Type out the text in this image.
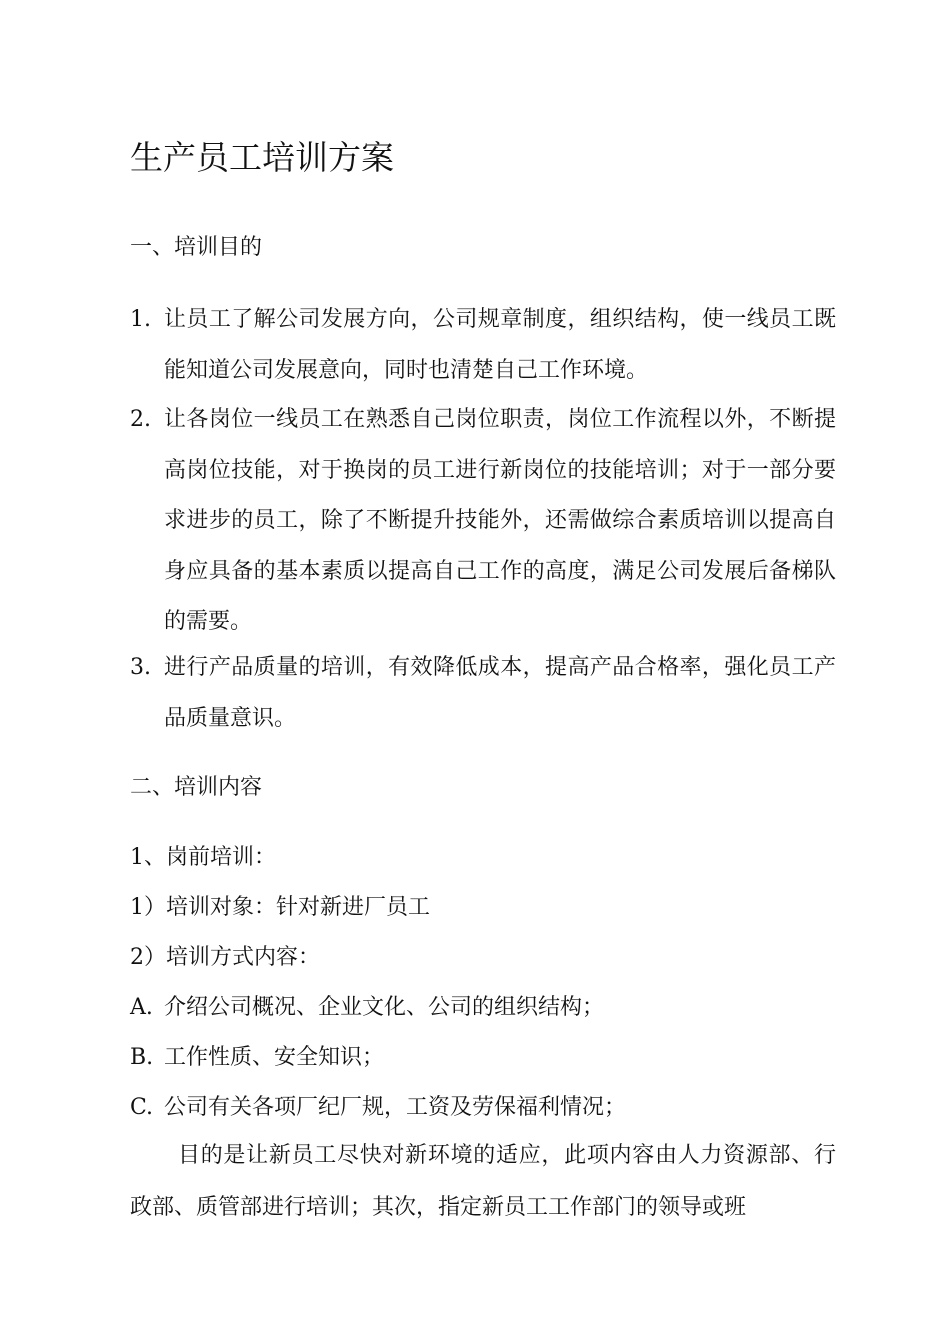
生产员工培训方案
一、培训目的
1. 让员工了解公司发展方向，公司规章制度，组织结构，使一线员工既能知道公司发展意向，同时也清楚自己工作环境。
2. 让各岗位一线员工在熟悉自己岗位职责，岗位工作流程以外，不断提高岗位技能，对于换岗的员工进行新岗位的技能培训；对于一部分要求进步的员工，除了不断提升技能外，还需做综合素质培训以提高自身应具备的基本素质以提高自己工作的高度，满足公司发展后备梯队的需要。
3. 进行产品质量的培训，有效降低成本，提高产品合格率，强化员工产品质量意识。
二、培训内容
1、岗前培训：
1）培训对象：针对新进厂员工
2）培训方式内容：
A. 介绍公司概况、企业文化、公司的组织结构；
B. 工作性质、安全知识；
C. 公司有关各项厂纪厂规，工资及劳保福利情况；
目的是让新员工尽快对新环境的适应，此项内容由人力资源部、行政部、质管部进行培训；其次，指定新员工工作部门的领导或班
